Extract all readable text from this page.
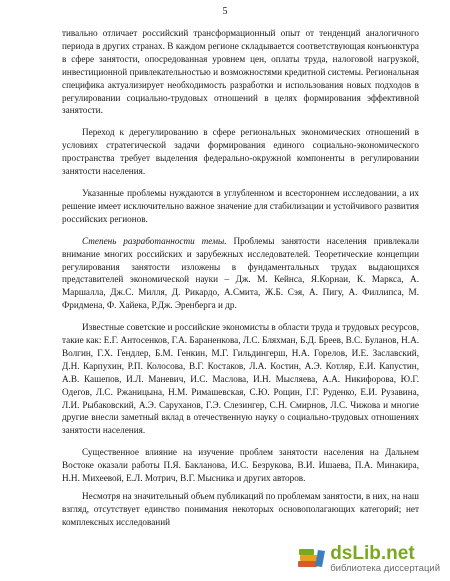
5

тивально отличает российский трансформационный опыт от тенденций аналогичного периода в других странах. В каждом регионе складывается соответствующая конъюнктура в сфере занятости, опосредованная уровнем цен, оплаты труда, налоговой нагрузкой, инвестиционной привлекательностью и возможностями кредитной системы. Региональная специфика актуализирует необходимость разработки и использования новых подходов в регулировании социально-трудовых отношений в целях формирования эффективной занятости.

Переход к дерегулированию в сфере региональных экономических отношений в условиях стратегической задачи формирования единого социально-экономического пространства требует выделения федерально-окружной компоненты в регулировании занятости населения.

Указанные проблемы нуждаются в углубленном и всестороннем исследовании, а их решение имеет исключительно важное значение для стабилизации и устойчивого развития российских регионов.

Степень разработанности темы. Проблемы занятости населения привлекали внимание многих российских и зарубежных исследователей. Теоретические концепции регулирования занятости изложены в фундаментальных трудах выдающихся представителей экономической науки – Дж. М. Кейнса, Я.Корнаи, К. Маркса, А. Маршалла, Дж.С. Милля, Д. Рикардо, А.Смита, Ж.Б. Сэя, А. Пигу, А. Филлипса, М. Фридмена, Ф. Хайека, Р.Дж. Эренберга и др.

Известные советские и российские экономисты в области труда и трудовых ресурсов, такие как: Е.Г. Антосенков, Г.А. Бараненкова, Л.С. Бляхман, Б.Д. Бреев, В.С. Буланов, Н.А. Волгин, Г.Х. Гендлер, Б.М. Генкин, М.Г. Гильдингерш, Н.А. Горелов, И.Е. Заславский, Д.Н. Карпухин, Р.П. Колосова, В.Г. Костаков, Л.А. Костин, А.Э. Котляр, Е.И. Капустин, А.В. Кашепов, И.Л. Маневич, И.С. Маслова, И.Н. Мысляева, А.А. Никифорова, Ю.Г. Одегов, Л.С. Ржаницына, Н.М. Римашевская, С.Ю. Рощин, Г.Г. Руденко, Е.И. Рузавина, Л.И. Рыбаковский, А.Э. Саруханов, Г.Э. Слезингер, С.Н. Смирнов, Л.С. Чижова и многие другие внесли заметный вклад в отечественную науку о социально-трудовых отношениях занятости населения.

Существенное влияние на изучение проблем занятости населения на Дальнем Востоке оказали работы П.Я. Бакланова, И.С. Безрукова, В.И. Ишаева, П.А. Минакира, Н.Н. Михеевой, Е.Л. Мотрич, В.Г. Мысника и других авторов.

Несмотря на значительный объем публикаций по проблемам занятости, в них, на наш взгляд, отсутствует единство понимания некоторых основополагающих категорий; нет комплексных исследований

dsLib.net
библиотека диссертаций
